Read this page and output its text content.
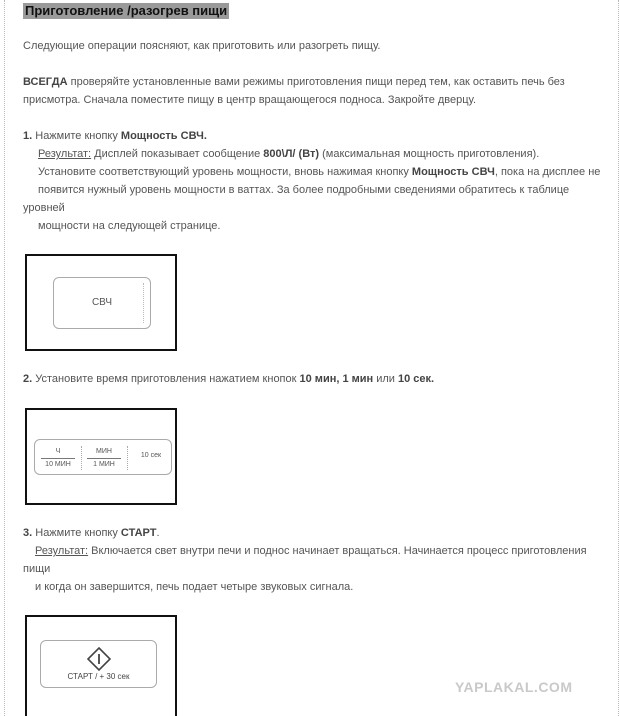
Приготовление /разогрев пищи
Следующие операции поясняют, как приготовить или разогреть пищу.
ВСЕГДА проверяйте установленные вами режимы приготовления пищи перед тем, как оставить печь без
присмотра. Сначала поместите пищу в центр вращающегося подноса. Закройте дверцу.
1. Нажмите кнопку Мощность СВЧ.
Результат: Дисплей показывает сообщение 800\Л/ (Вт) (максимальная мощность приготовления).
Установите соответствующий уровень мощности, вновь нажимая кнопку Мощность СВЧ, пока на дисплее не
появится нужный уровень мощности в ваттах. За более подробными сведениями обратитесь к таблице
уровней
мощности на следующей странице.
СВЧ
2. Установите время приготовления нажатием кнопок 10 мин, 1 мин или 10 сек.
Ч
10 МИН
МИН
1 МИН
10 сек
3. Нажмите кнопку СТАРТ.
Результат: Включается свет внутри печи и поднос начинает вращаться. Начинается процесс приготовления
пищи
и когда он завершится, печь подает четыре звуковых сигнала.
СТАРТ / + 30 сек
YAPLAKAL.COM
